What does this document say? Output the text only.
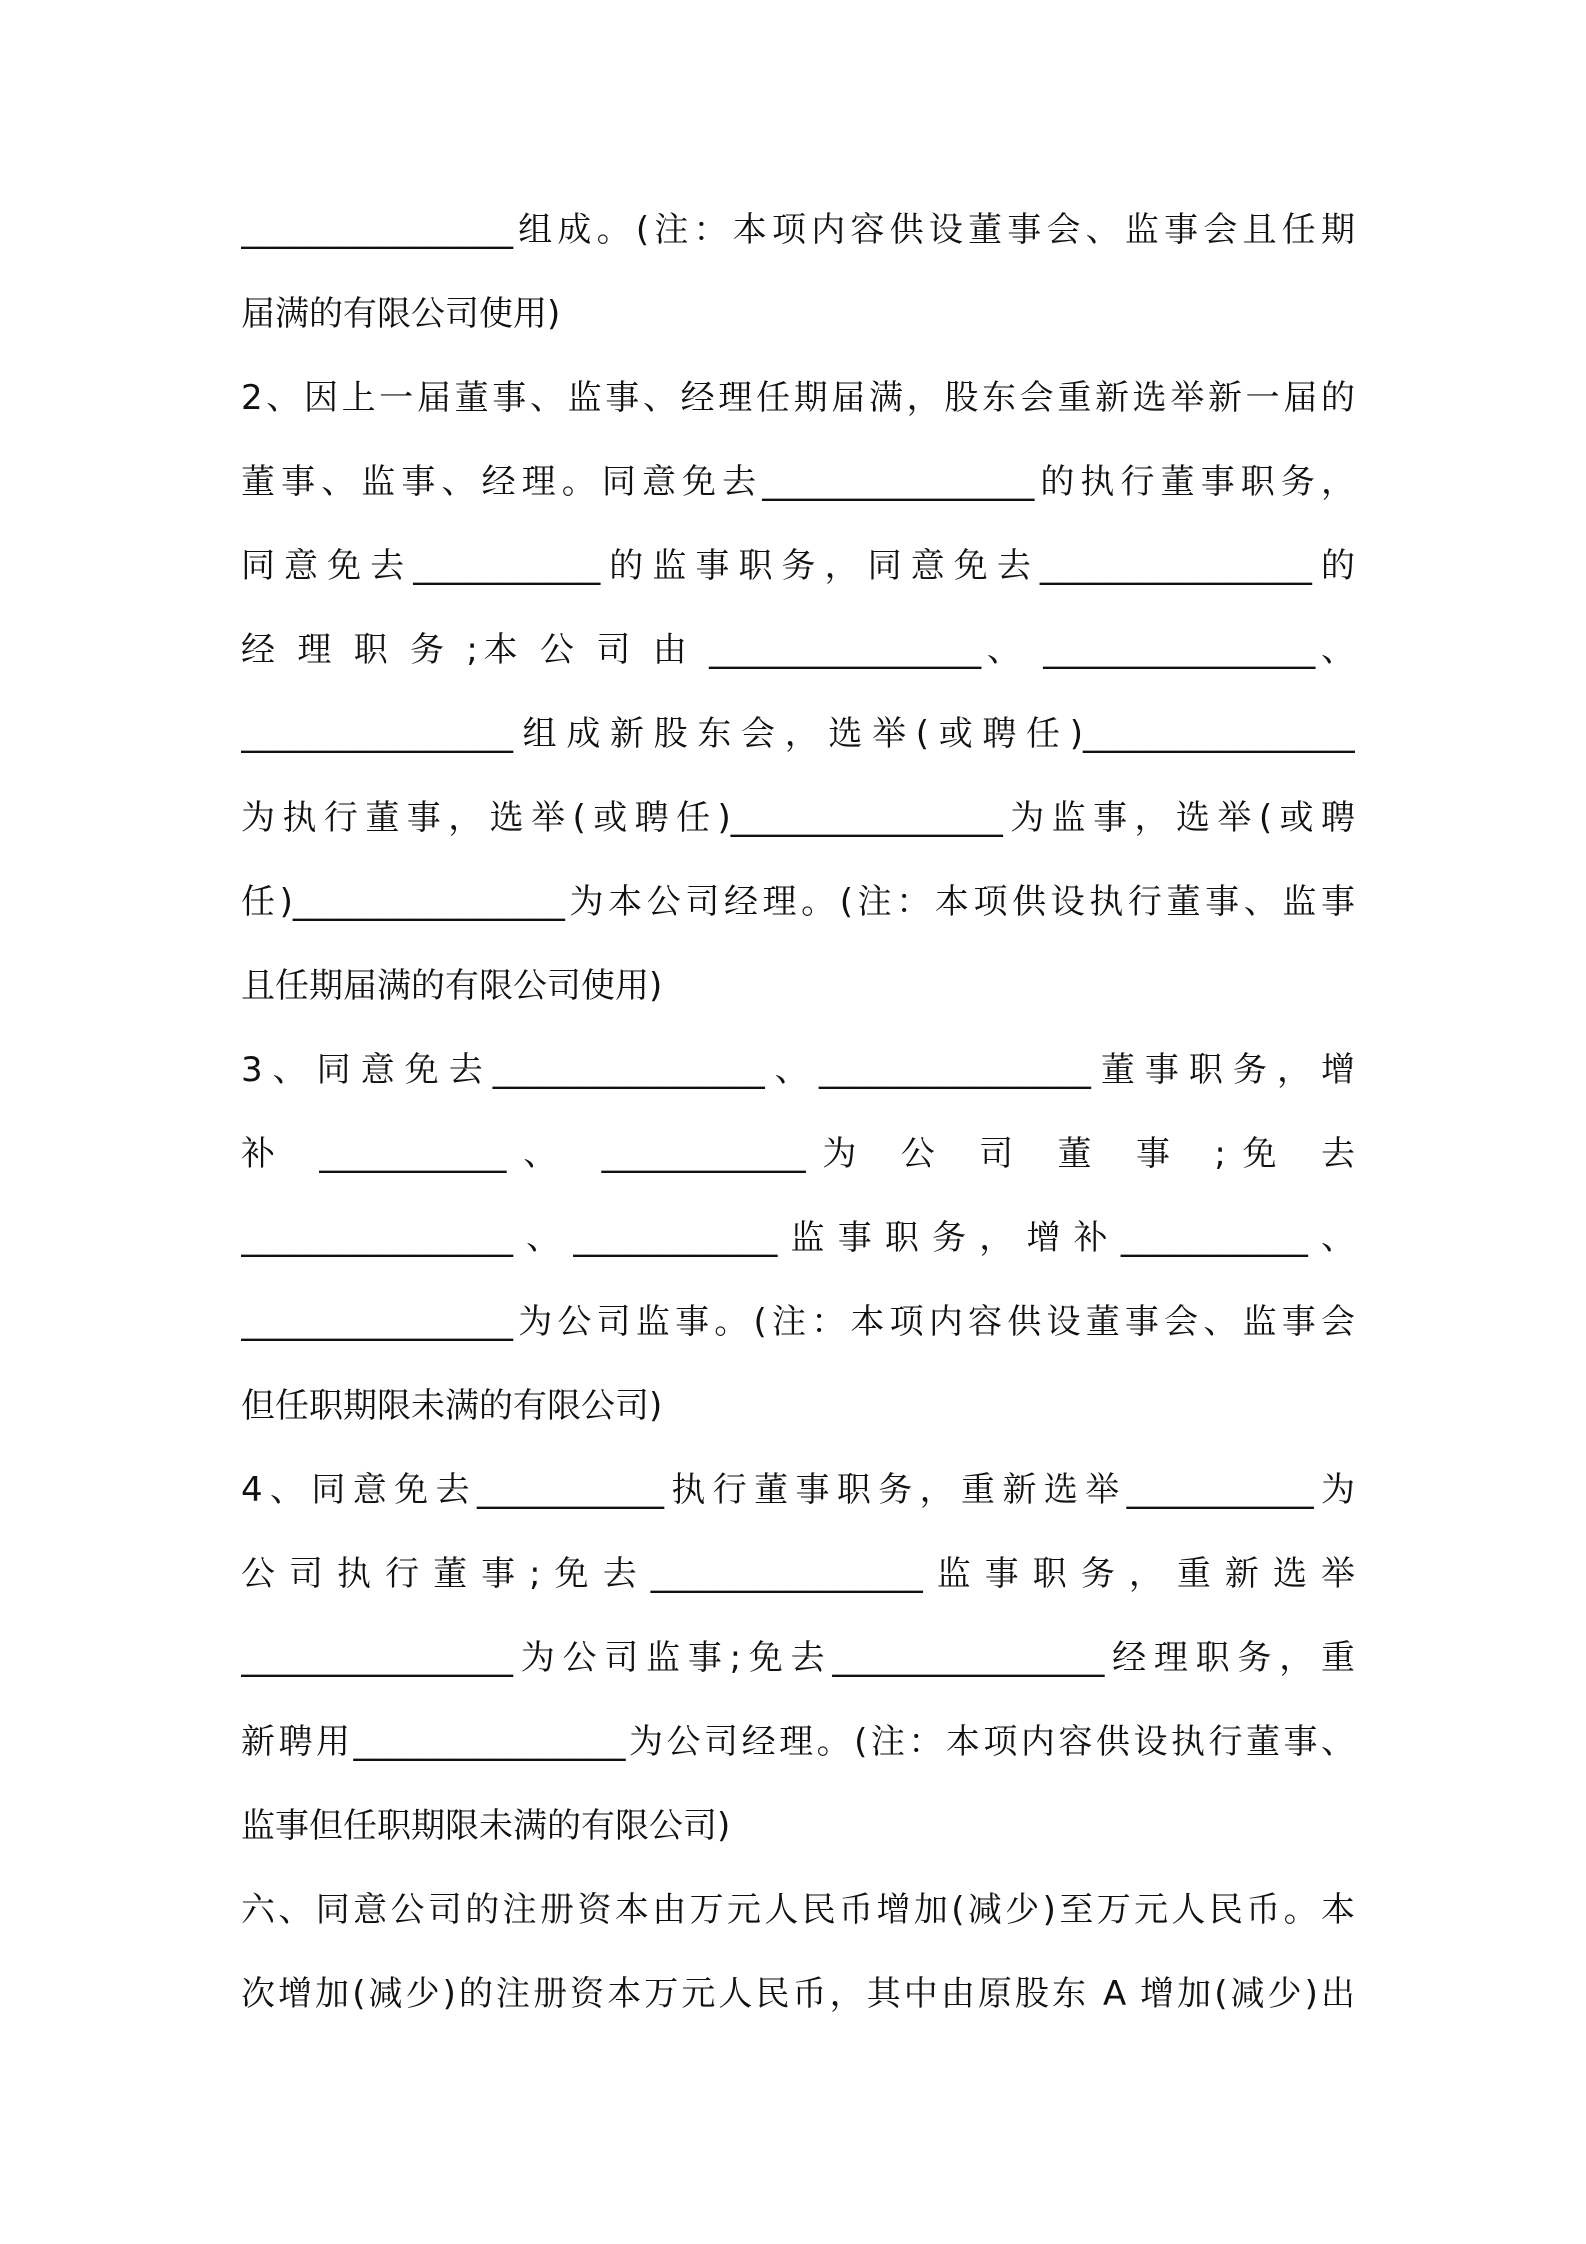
________________组成。(注：本项内容供设董事会、监事会且任期
届满的有限公司使用)
2、因上一届董事、监事、经理任期届满，股东会重新选举新一届的
董事、监事、经理。同意免去________________的执行董事职务，
同意免去___________的监事职务，同意免去________________的
经 理 职 务 ;本 公 司 由 ________________、 ________________、
________________组成新股东会，选举(或聘任)________________
为执行董事，选举(或聘任)________________为监事，选举(或聘
任)________________为本公司经理。(注：本项供设执行董事、监事
且任期届满的有限公司使用)
3、同意免去________________、________________董事职务，增
补 ___________、 ____________为 公 司 董 事 ;免 去
________________、____________监事职务，增补___________、
________________为公司监事。(注：本项内容供设董事会、监事会
但任职期限未满的有限公司)
4、同意免去___________执行董事职务，重新选举___________为
公司执行董事;免去________________监事职务，重新选举
________________为公司监事;免去________________经理职务，重
新聘用________________为公司经理。(注：本项内容供设执行董事、
监事但任职期限未满的有限公司)
六、同意公司的注册资本由万元人民币增加(减少)至万元人民币。本
次增加(减少)的注册资本万元人民币，其中由原股东 A 增加(减少)出
